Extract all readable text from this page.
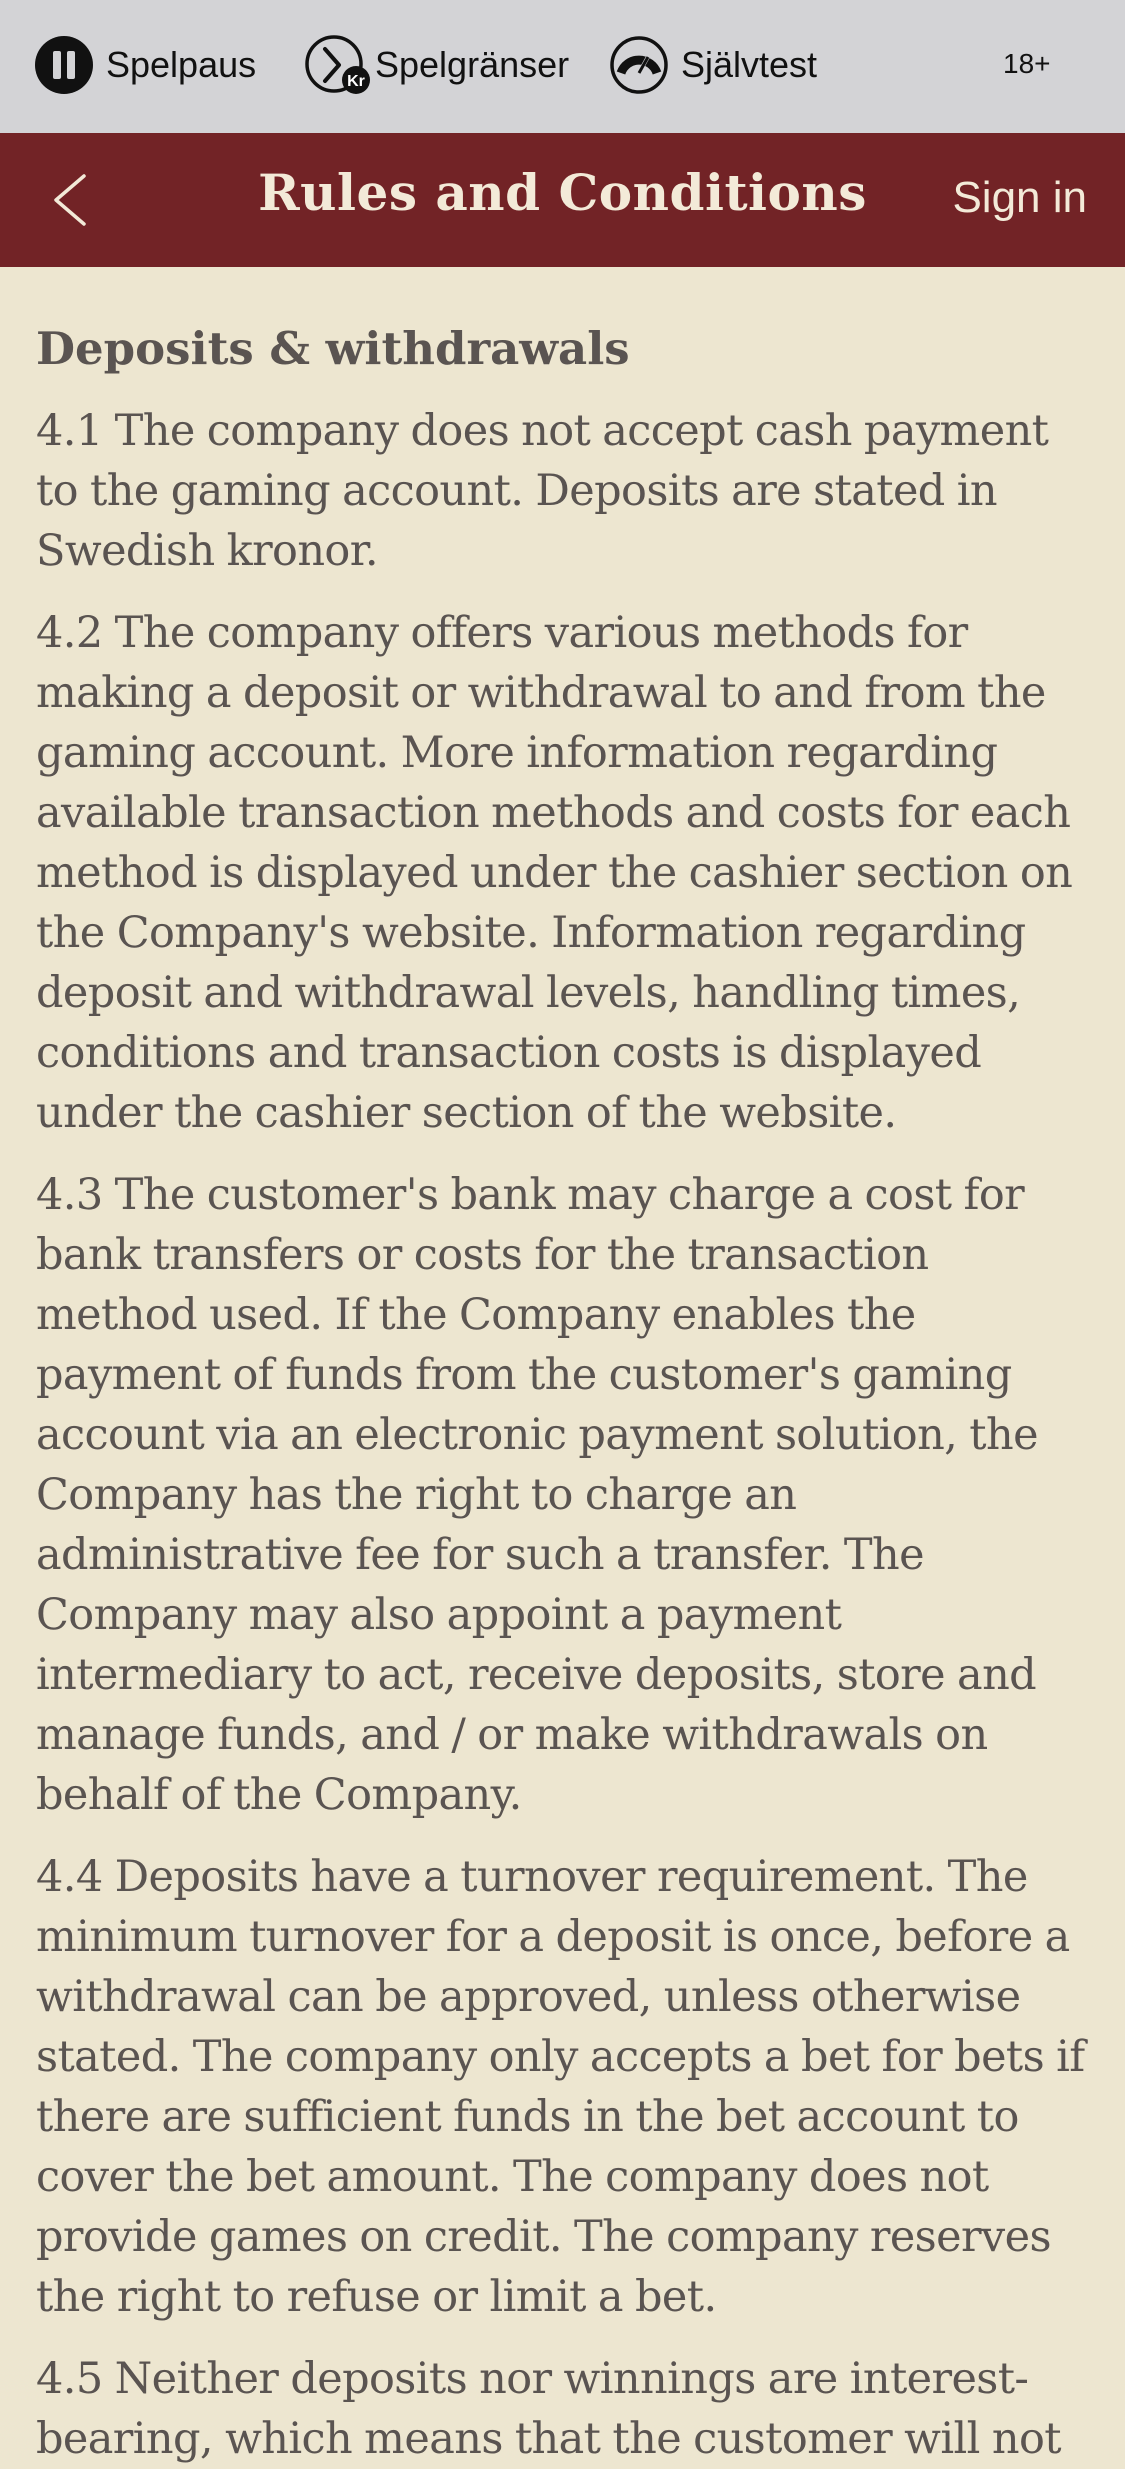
Spelpaus	Kr Spelgränser	Självtest	18+
Rules and Conditions	Sign in
Deposits & withdrawals

4.1 The company does not accept cash payment
to the gaming account. Deposits are stated in
Swedish kronor.

4.2 The company offers various methods for
making a deposit or withdrawal to and from the
gaming account. More information regarding
available transaction methods and costs for each
method is displayed under the cashier section on
the Company's website. Information regarding
deposit and withdrawal levels, handling times,
conditions and transaction costs is displayed
under the cashier section of the website.

4.3 The customer's bank may charge a cost for
bank transfers or costs for the transaction
method used. If the Company enables the
payment of funds from the customer's gaming
account via an electronic payment solution, the
Company has the right to charge an
administrative fee for such a transfer. The
Company may also appoint a payment
intermediary to act, receive deposits, store and
manage funds, and / or make withdrawals on
behalf of the Company.

4.4 Deposits have a turnover requirement. The
minimum turnover for a deposit is once, before a
withdrawal can be approved, unless otherwise
stated. The company only accepts a bet for bets if
there are sufficient funds in the bet account to
cover the bet amount. The company does not
provide games on credit. The company reserves
the right to refuse or limit a bet.

4.5 Neither deposits nor winnings are interest-
bearing, which means that the customer will not
